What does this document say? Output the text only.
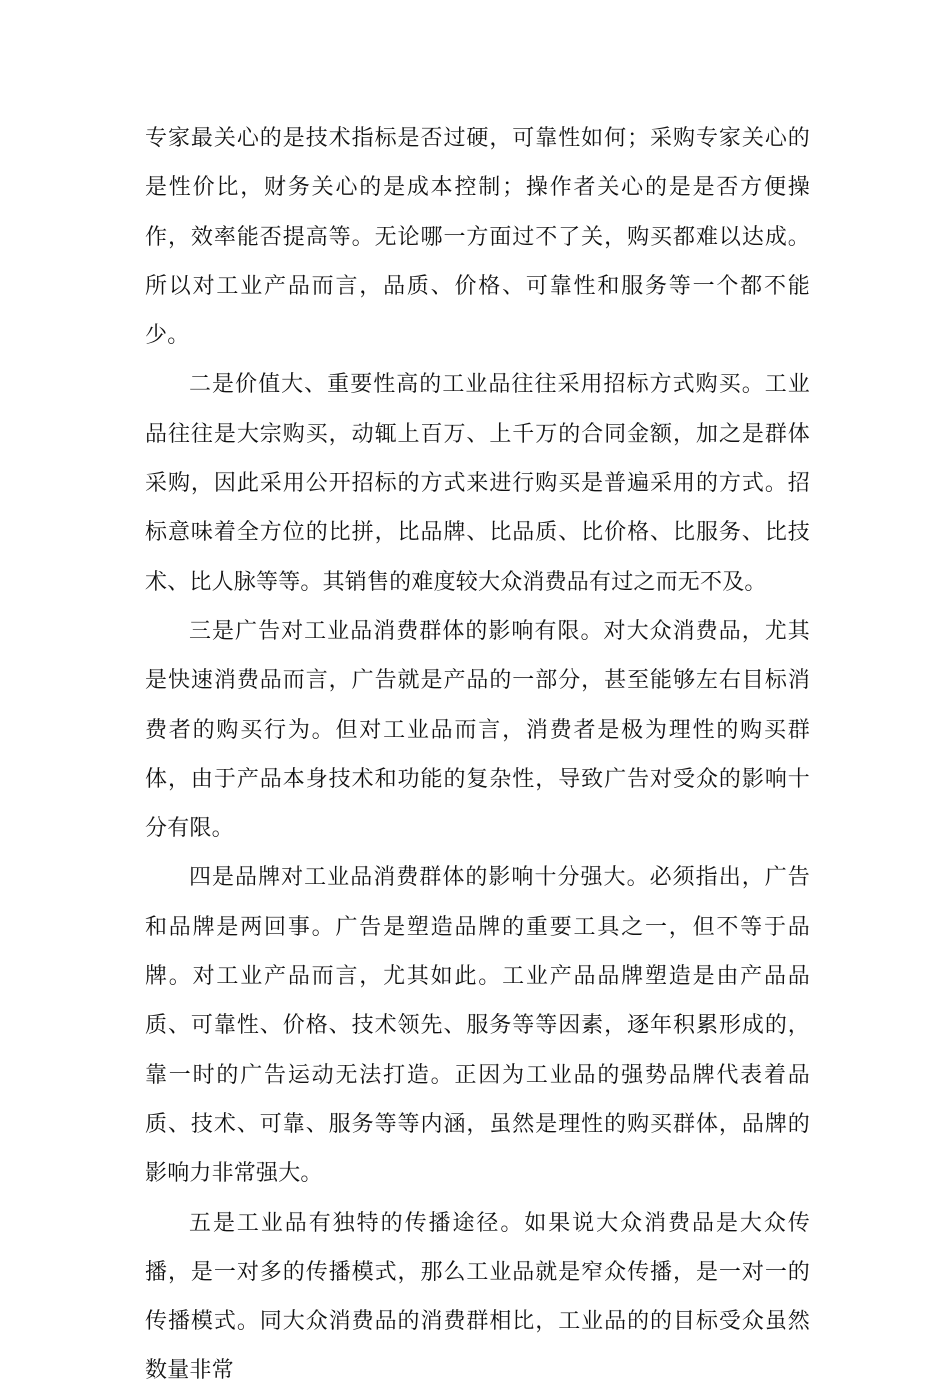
专家最关心的是技术指标是否过硬，可靠性如何；采购专家关心的是性价比，财务关心的是成本控制；操作者关心的是是否方便操作，效率能否提高等。无论哪一方面过不了关，购买都难以达成。所以对工业产品而言，品质、价格、可靠性和服务等一个都不能少。

二是价值大、重要性高的工业品往往采用招标方式购买。工业品往往是大宗购买，动辄上百万、上千万的合同金额，加之是群体采购，因此采用公开招标的方式来进行购买是普遍采用的方式。招标意味着全方位的比拼，比品牌、比品质、比价格、比服务、比技术、比人脉等等。其销售的难度较大众消费品有过之而无不及。

三是广告对工业品消费群体的影响有限。对大众消费品，尤其是快速消费品而言，广告就是产品的一部分，甚至能够左右目标消费者的购买行为。但对工业品而言，消费者是极为理性的购买群体，由于产品本身技术和功能的复杂性，导致广告对受众的影响十分有限。

四是品牌对工业品消费群体的影响十分强大。必须指出，广告和品牌是两回事。广告是塑造品牌的重要工具之一，但不等于品牌。对工业产品而言，尤其如此。工业产品品牌塑造是由产品品质、可靠性、价格、技术领先、服务等等因素，逐年积累形成的，靠一时的广告运动无法打造。正因为工业品的强势品牌代表着品质、技术、可靠、服务等等内涵，虽然是理性的购买群体，品牌的影响力非常强大。

五是工业品有独特的传播途径。如果说大众消费品是大众传播，是一对多的传播模式，那么工业品就是窄众传播，是一对一的传播模式。同大众消费品的消费群相比，工业品的的目标受众虽然数量非常
